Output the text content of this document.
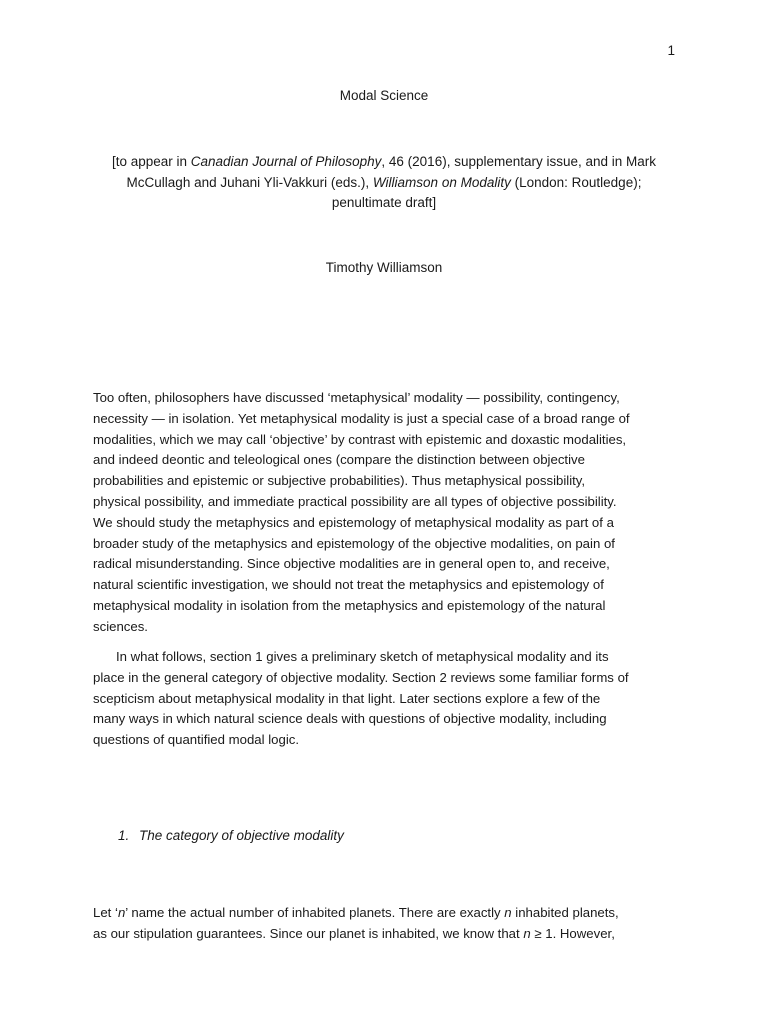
1
Modal Science
[to appear in Canadian Journal of Philosophy, 46 (2016), supplementary issue, and in Mark
McCullagh and Juhani Yli-Vakkuri (eds.), Williamson on Modality (London: Routledge);
penultimate draft]
Timothy Williamson
Too often, philosophers have discussed ‘metaphysical’ modality — possibility, contingency,
necessity — in isolation. Yet metaphysical modality is just a special case of a broad range of
modalities, which we may call ‘objective’ by contrast with epistemic and doxastic modalities,
and indeed deontic and teleological ones (compare the distinction between objective
probabilities and epistemic or subjective probabilities). Thus metaphysical possibility,
physical possibility, and immediate practical possibility are all types of objective possibility.
We should study the metaphysics and epistemology of metaphysical modality as part of a
broader study of the metaphysics and epistemology of the objective modalities, on pain of
radical misunderstanding. Since objective modalities are in general open to, and receive,
natural scientific investigation, we should not treat the metaphysics and epistemology of
metaphysical modality in isolation from the metaphysics and epistemology of the natural
sciences.
In what follows, section 1 gives a preliminary sketch of metaphysical modality and its
place in the general category of objective modality. Section 2 reviews some familiar forms of
scepticism about metaphysical modality in that light. Later sections explore a few of the
many ways in which natural science deals with questions of objective modality, including
questions of quantified modal logic.
1. The category of objective modality
Let ‘n’ name the actual number of inhabited planets. There are exactly n inhabited planets,
as our stipulation guarantees. Since our planet is inhabited, we know that n ≥ 1. However,
